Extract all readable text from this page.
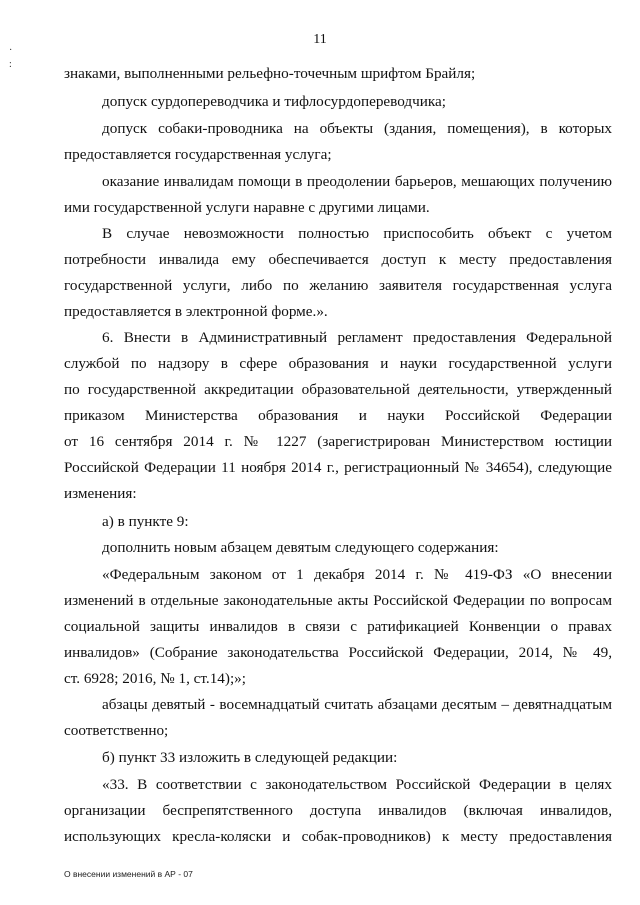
11
·
:
знаками, выполненными рельефно-точечным шрифтом Брайля;
допуск сурдопереводчика и тифлосурдопереводчика;
допуск собаки-проводника на объекты (здания, помещения), в которых
предоставляется государственная услуга;
оказание инвалидам помощи в преодолении барьеров, мешающих получению
ими государственной услуги наравне с другими лицами.
В случае невозможности полностью приспособить объект с учетом
потребности инвалида ему обеспечивается доступ к месту предоставления
государственной услуги, либо по желанию заявителя государственная услуга
предоставляется в электронной форме.».
6. Внести в Административный регламент предоставления Федеральной
службой по надзору в сфере образования и науки государственной услуги
по государственной аккредитации образовательной деятельности, утвержденный
приказом Министерства образования и науки Российской Федерации
от 16 сентября 2014 г. № 1227 (зарегистрирован Министерством юстиции
Российской Федерации 11 ноября 2014 г., регистрационный № 34654), следующие
изменения:
а) в пункте 9:
дополнить новым абзацем девятым следующего содержания:
«Федеральным законом от 1 декабря 2014 г. № 419-ФЗ «О внесении
изменений в отдельные законодательные акты Российской Федерации по вопросам
социальной защиты инвалидов в связи с ратификацией Конвенции о правах
инвалидов» (Собрание законодательства Российской Федерации, 2014, № 49,
ст. 6928; 2016, № 1, ст.14);»;
абзацы девятый - восемнадцатый считать абзацами десятым – девятнадцатым
соответственно;
б) пункт 33 изложить в следующей редакции:
«33. В соответствии с законодательством Российской Федерации в целях
организации беспрепятственного доступа инвалидов (включая инвалидов,
использующих кресла-коляски и собак-проводников) к месту предоставления
О внесении изменений в АР - 07
